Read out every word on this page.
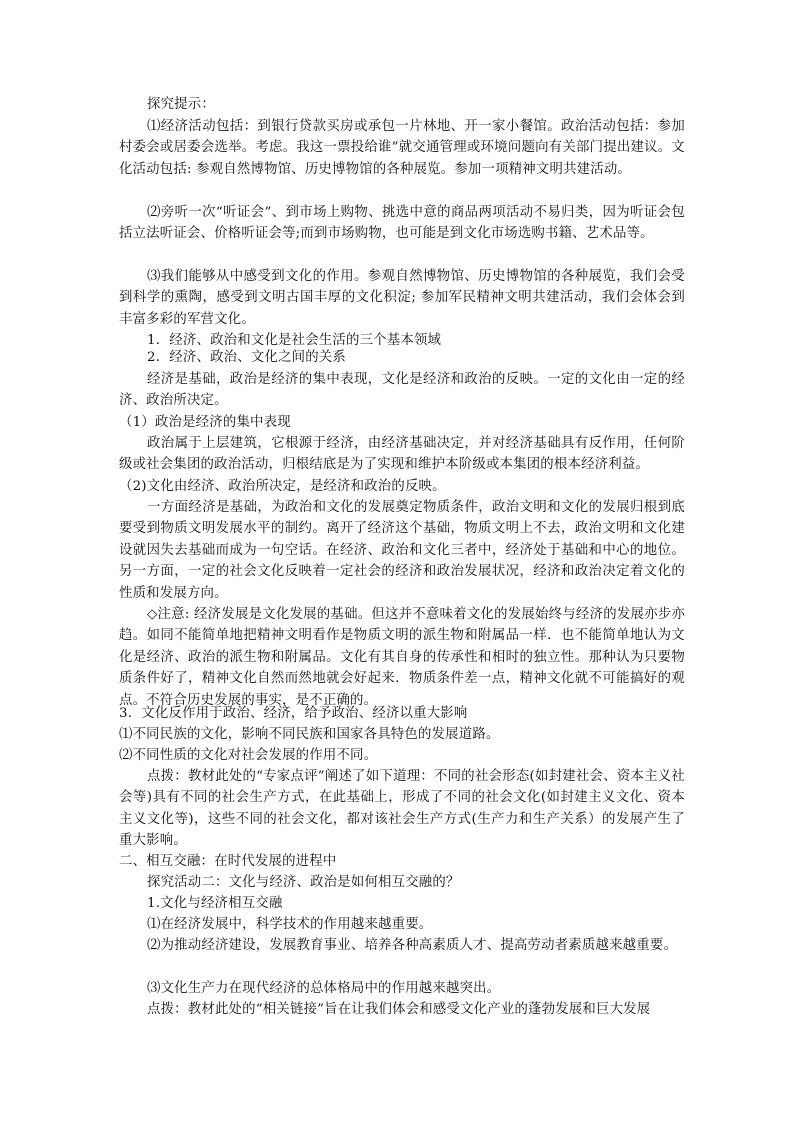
探究提示：

⑴经济活动包括：到银行贷款买房或承包一片林地、开一家小餐馆。政治活动包括：参加村委会或居委会选举。考虑。我这一票投给谁”就交通管理或环境问题向有关部门提出建议。文化活动包括: 参观自然博物馆、历史博物馆的各种展览。参加一项精神文明共建活动。

⑵旁听一次“听证会”、到市场上购物、挑选中意的商品两项活动不易归类，因为听证会包括立法听证会、价格听证会等;而到市场购物，也可能是到文化市场选购书籍、艺术品等。

⑶我们能够从中感受到文化的作用。参观自然博物馆、历史博物馆的各种展览，我们会受到科学的熏陶，感受到文明古国丰厚的文化积淀; 参加军民精神文明共建活动，我们会体会到丰富多彩的军营文化。

1．经济、政治和文化是社会生活的三个基本领域

2．经济、政治、文化之间的关系

经济是基础，政治是经济的集中表现，文化是经济和政治的反映。一定的文化由一定的经济、政治所决定。

（1）政治是经济的集中表现

政治属于上层建筑，它根源于经济，由经济基础决定，并对经济基础具有反作用，任何阶级或社会集团的政治活动，归根结底是为了实现和维护本阶级或本集团的根本经济利益。

（2)文化由经济、政治所决定，是经济和政治的反映。

一方面经济是基础，为政治和文化的发展奠定物质条件，政治文明和文化的发展归根到底要受到物质文明发展水平的制约。离开了经济这个基础，物质文明上不去，政治文明和文化建设就因失去基础而成为一句空话。在经济、政治和文化三者中，经济处于基础和中心的地位。另一方面，一定的社会文化反映着一定社会的经济和政治发展状况，经济和政治决定着文化的性质和发展方向。

◇注意: 经济发展是文化发展的基础。但这并不意味着文化的发展始终与经济的发展亦步亦趋。如同不能简单地把精神文明看作是物质文明的派生物和附属品一样．也不能简单地认为文化是经济、政治的派生物和附属品。文化有其自身的传承性和相时的独立性。那种认为只要物质条件好了，精神文化自然而然地就会好起来．物质条件差一点，精神文化就不可能搞好的观点。不符合历史发展的事实，是不正确的。

3．文化反作用于政治、经济，给予政治、经济以重大影响

⑴不同民族的文化，影响不同民族和国家各具特色的发展道路。

⑵不同性质的文化对社会发展的作用不同。

点拨：教材此处的“专家点评”阐述了如下道理：不同的社会形态(如封建社会、资本主义社会等)具有不同的社会生产方式，在此基础上，形成了不同的社会文化(如封建主义文化、资本主义文化等)，这些不同的社会文化，都对该社会生产方式(生产力和生产关系）的发展产生了重大影响。

二、相互交融：在时代发展的进程中

探究活动二：文化与经济、政治是如何相互交融的？

1.文化与经济相互交融

⑴在经济发展中，科学技术的作用越来越重要。

⑵为推动经济建设，发展教育事业、培养各种高素质人才、提高劳动者素质越来越重要。

⑶文化生产力在现代经济的总体格局中的作用越来越突出。

点拨：教材此处的“相关链接”旨在让我们体会和感受文化产业的蓬勃发展和巨大发展
